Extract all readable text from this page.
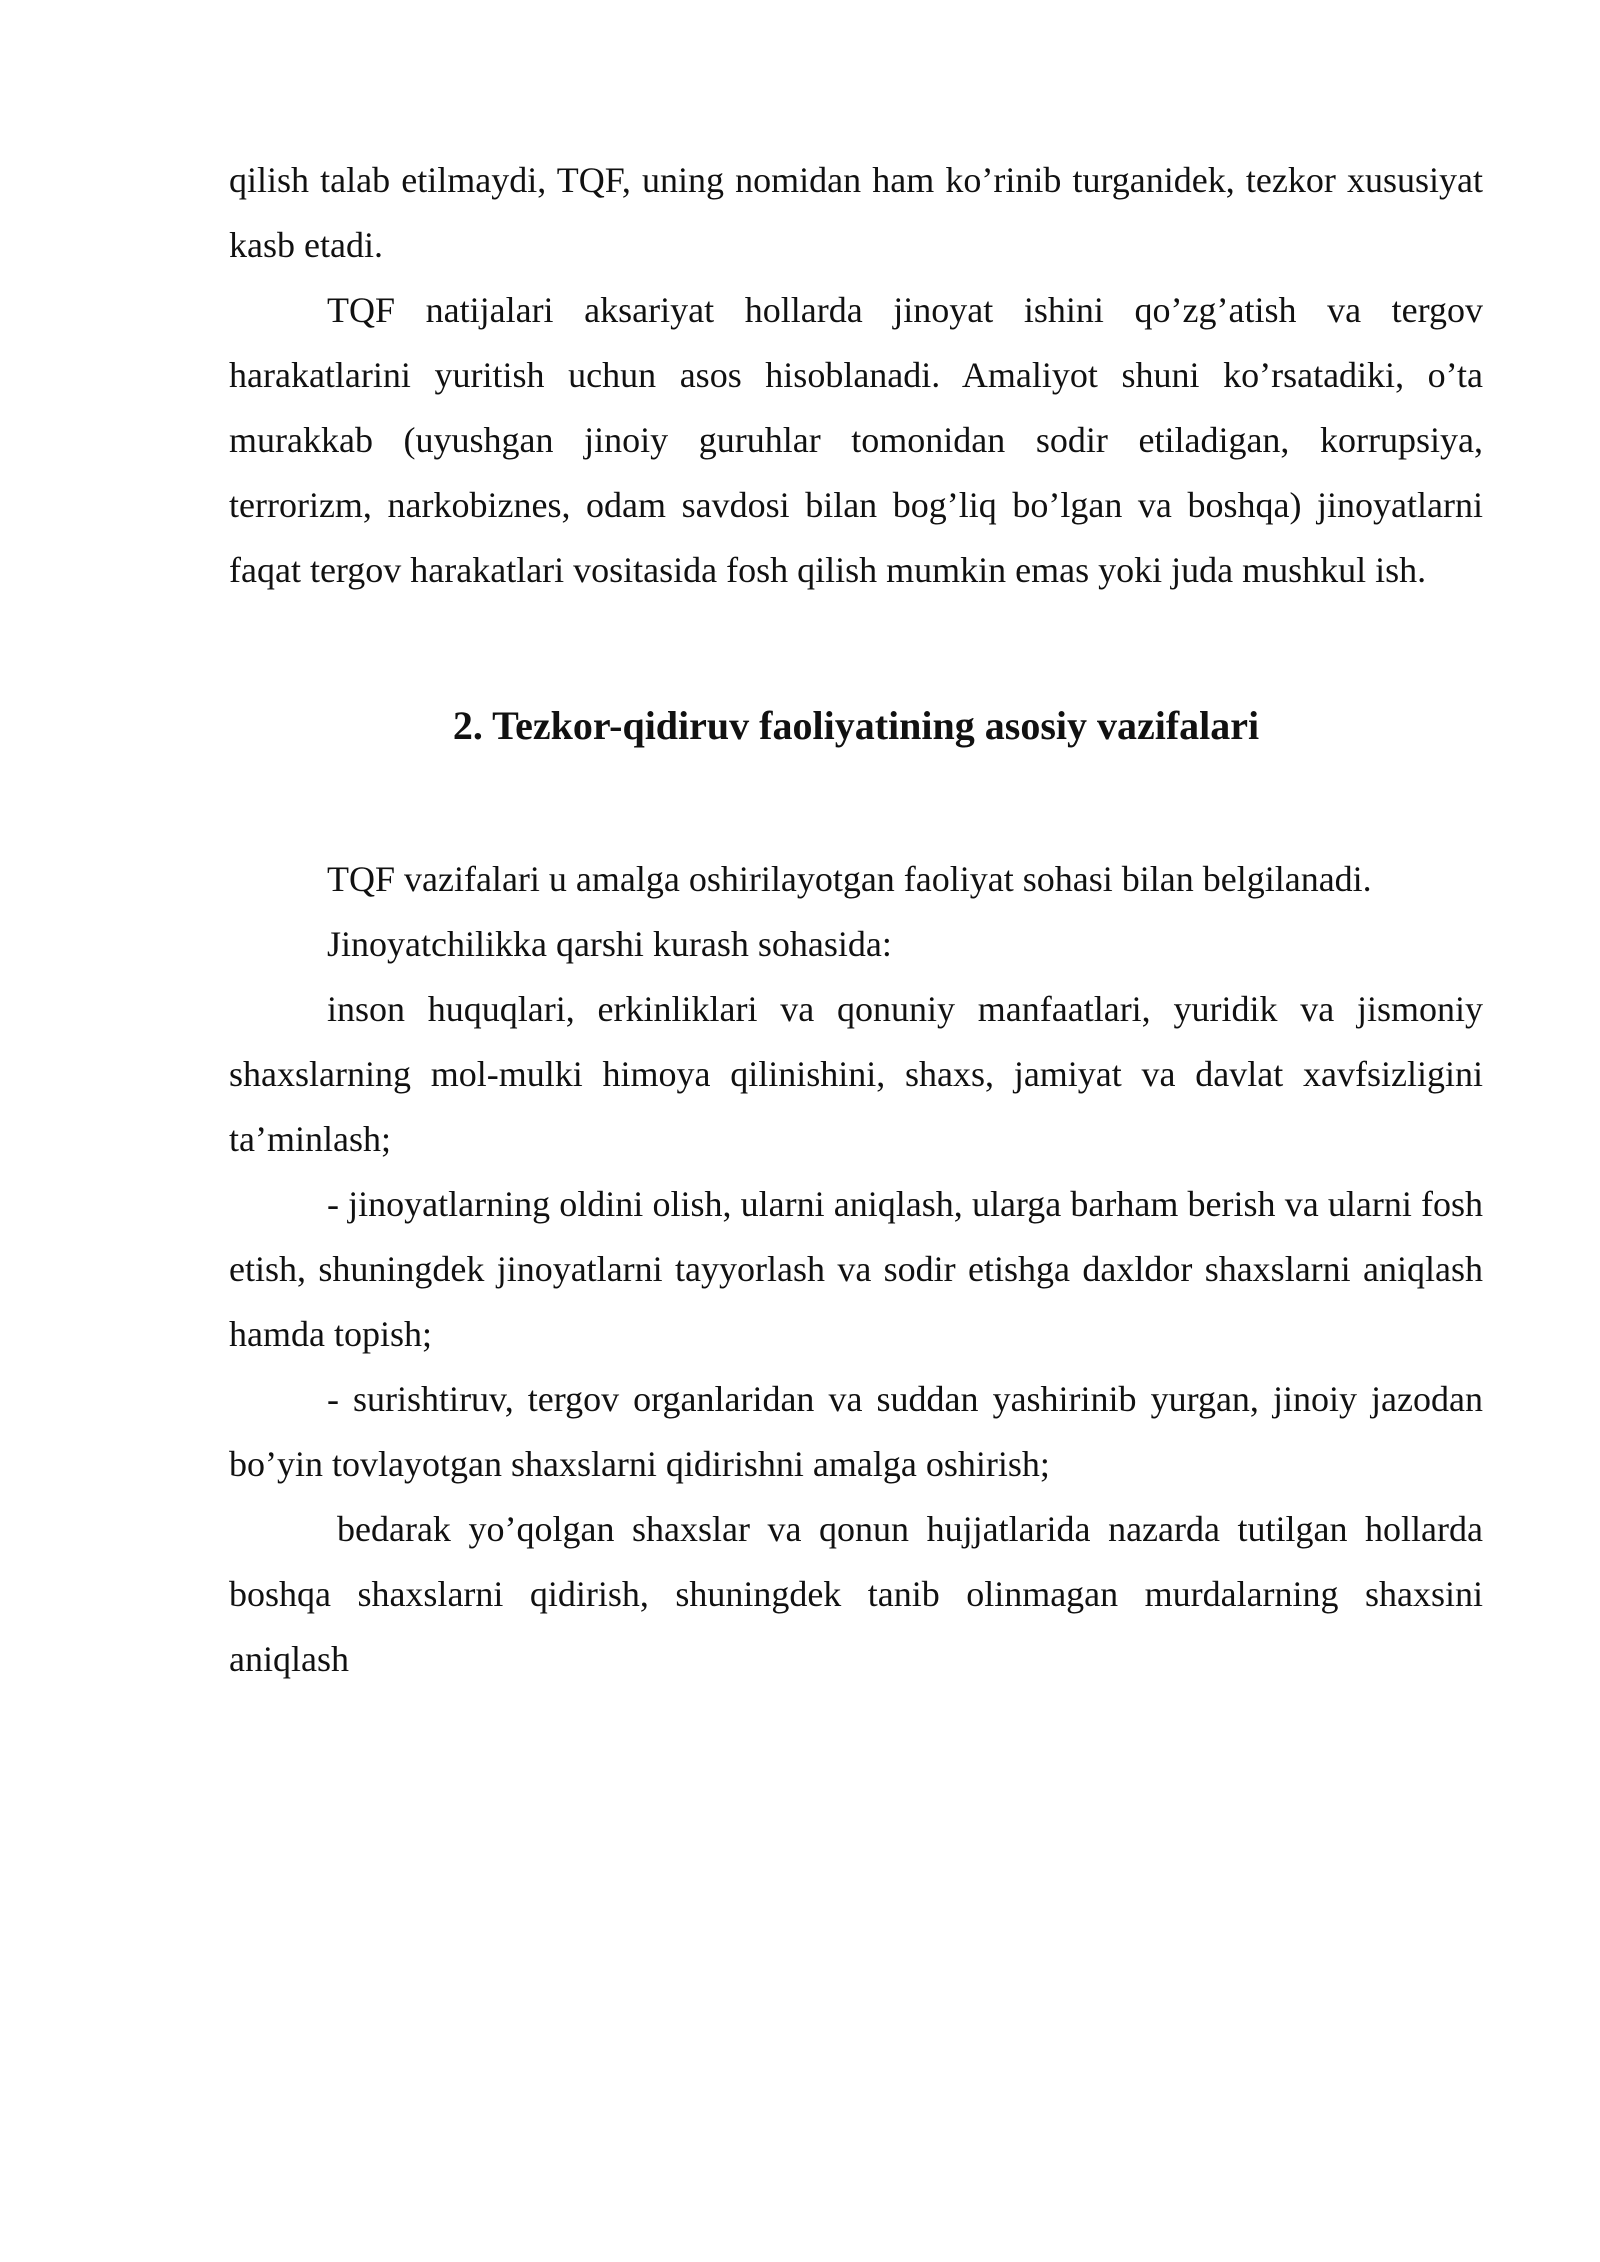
qilish talab etilmaydi, TQF, uning nomidan ham ko’rinib turganidek, tezkor xususiyat kasb etadi.

TQF natijalari aksariyat hollarda jinoyat ishini qo’zg’atish va tergov harakatlarini yuritish uchun asos hisoblanadi. Amaliyot shuni ko’rsatadiki, o’ta murakkab (uyushgan jinoiy guruhlar tomonidan sodir etiladigan, korrupsiya, terrorizm, narkobiznes, odam savdosi bilan bog’liq bo’lgan va boshqa) jinoyatlarni faqat tergov harakatlari vositasida fosh qilish mumkin emas yoki juda mushkul ish.

2. Tezkor-qidiruv faoliyatining asosiy vazifalari

TQF vazifalari u amalga oshirilayotgan faoliyat sohasi bilan belgilanadi.

Jinoyatchilikka qarshi kurash sohasida:

inson huquqlari, erkinliklari va qonuniy manfaatlari, yuridik va jismoniy shaxslarning mol-mulki himoya qilinishini, shaxs, jamiyat va davlat xavfsizligini ta’minlash;

- jinoyatlarning oldini olish, ularni aniqlash, ularga barham berish va ularni fosh etish, shuningdek jinoyatlarni tayyorlash va sodir etishga daxldor shaxslarni aniqlash hamda topish;

- surishtiruv, tergov organlaridan va suddan yashirinib yurgan, jinoiy jazodan bo’yin tovlayotgan shaxslarni qidirishni amalga oshirish;

bedarak yo’qolgan shaxslar va qonun hujjatlarida nazarda tutilgan hollarda boshqa shaxslarni qidirish, shuningdek tanib olinmagan murdalarning shaxsini aniqlash
